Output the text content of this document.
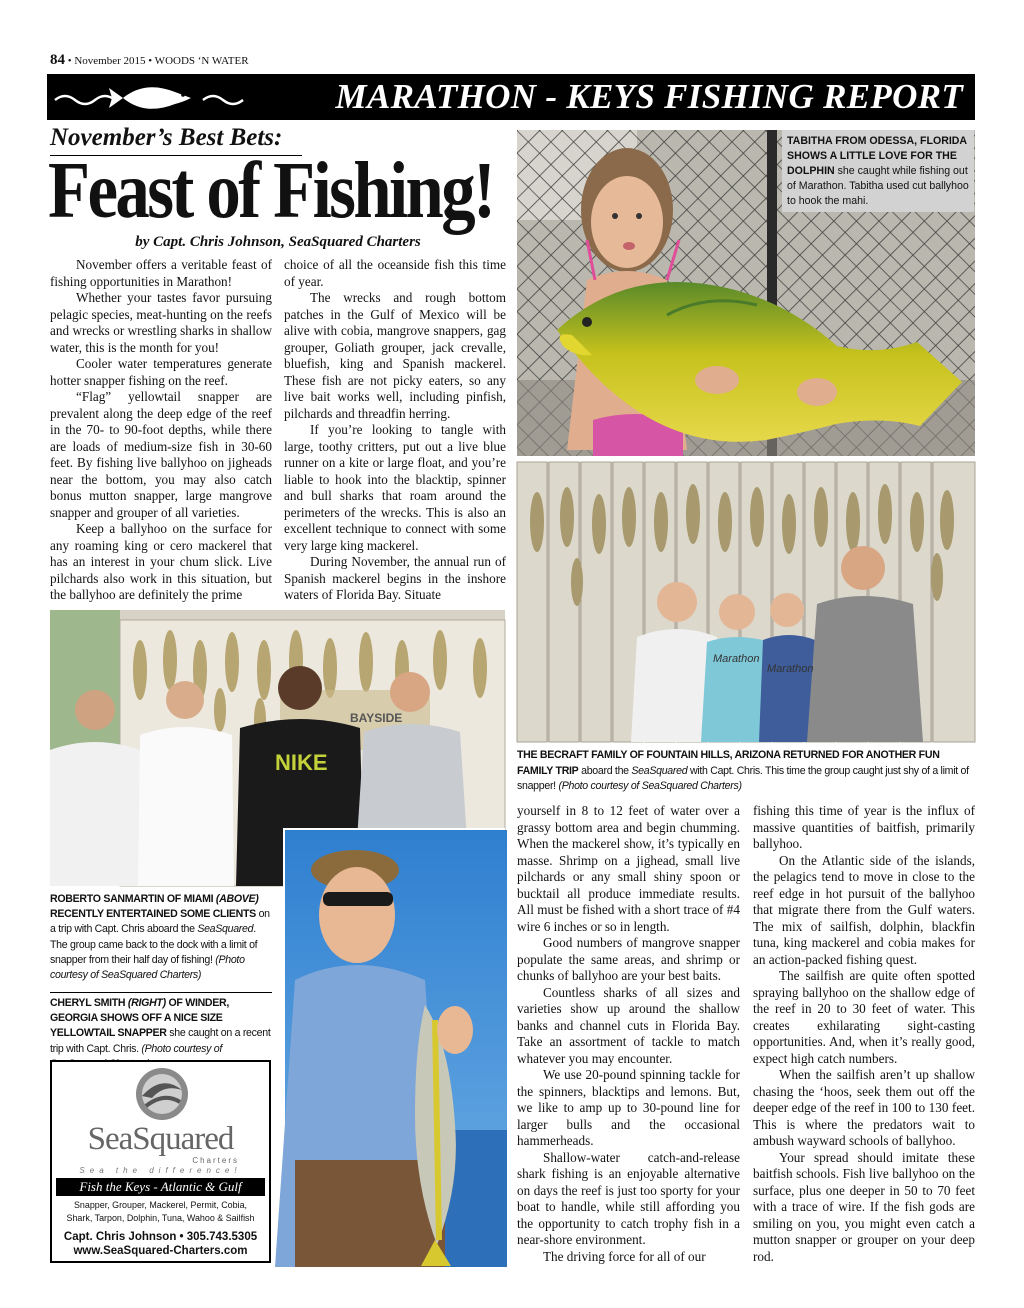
84 • November 2015 • WOODS ‘N WATER
MARATHON - KEYS FISHING REPORT
November’s Best Bets:
Feast of Fishing!
by Capt. Chris Johnson, SeaSquared Charters

November offers a veritable feast of fishing opportunities in Marathon!

Whether your tastes favor pursuing pelagic species, meat-hunting on the reefs and wrecks or wrestling sharks in shallow water, this is the month for you!

Cooler water temperatures generate hotter snapper fishing on the reef.

“Flag” yellowtail snapper are prevalent along the deep edge of the reef in the 70- to 90-foot depths, while there are loads of medium-size fish in 30-60 feet. By fishing live ballyhoo on jigheads near the bottom, you may also catch bonus mutton snapper, large mangrove snapper and grouper of all varieties.

Keep a ballyhoo on the surface for any roaming king or cero mackerel that has an interest in your chum slick. Live pilchards also work in this situation, but the ballyhoo are definitely the prime

choice of all the oceanside fish this time of year.

The wrecks and rough bottom patches in the Gulf of Mexico will be alive with cobia, mangrove snappers, gag grouper, Goliath grouper, jack crevalle, bluefish, king and Spanish mackerel. These fish are not picky eaters, so any live bait works well, including pinfish, pilchards and threadfin herring.

If you’re looking to tangle with large, toothy critters, put out a live blue runner on a kite or large float, and you’re liable to hook into the blacktip, spinner and bull sharks that roam around the perimeters of the wrecks. This is also an excellent technique to connect with some very large king mackerel.

During November, the annual run of Spanish mackerel begins in the inshore waters of Florida Bay. Situate

yourself in 8 to 12 feet of water over a grassy bottom area and begin chumming. When the mackerel show, it’s typically en masse. Shrimp on a jighead, small live pilchards or any small shiny spoon or bucktail all produce immediate results. All must be fished with a short trace of #4 wire 6 inches or so in length.

Good numbers of mangrove snapper populate the same areas, and shrimp or chunks of ballyhoo are your best baits.

Countless sharks of all sizes and varieties show up around the shallow banks and channel cuts in Florida Bay. Take an assortment of tackle to match whatever you may encounter.

We use 20-pound spinning tackle for the spinners, blacktips and lemons. But, we like to amp up to 30-pound line for larger bulls and the occasional hammerheads.

Shallow-water catch-and-release shark fishing is an enjoyable alternative on days the reef is just too sporty for your boat to handle, while still affording you the opportunity to catch trophy fish in a near-shore environment.

The driving force for all of our

fishing this time of year is the influx of massive quantities of baitfish, primarily ballyhoo.

On the Atlantic side of the islands, the pelagics tend to move in close to the reef edge in hot pursuit of the ballyhoo that migrate there from the Gulf waters. The mix of sailfish, dolphin, blackfin tuna, king mackerel and cobia makes for an action-packed fishing quest.

The sailfish are quite often spotted spraying ballyhoo on the shallow edge of the reef in 20 to 30 feet of water. This creates exhilarating sight-casting opportunities. And, when it’s really good, expect high catch numbers.

When the sailfish aren’t up shallow chasing the ‘hoos, seek them out off the deeper edge of the reef in 100 to 130 feet. This is where the predators wait to ambush wayward schools of ballyhoo.

Your spread should imitate these baitfish schools. Fish live ballyhoo on the surface, plus one deeper in 50 to 70 feet with a trace of wire. If the fish gods are smiling on you, you might even catch a mutton snapper or grouper on your deep rod.

TABITHA FROM ODESSA, FLORIDA SHOWS A LITTLE LOVE FOR THE DOLPHIN she caught while fishing out of Marathon. Tabitha used cut ballyhoo to hook the mahi.
Marathon
Marathon
THE BECRAFT FAMILY OF FOUNTAIN HILLS, ARIZONA RETURNED FOR ANOTHER FUN FAMILY TRIP aboard the SeaSquared with Capt. Chris. This time the group caught just shy of a limit of snapper! (Photo courtesy of SeaSquared Charters)
BAYSIDE
NIKE
ROBERTO SANMARTIN OF MIAMI (ABOVE) RECENTLY ENTERTAINED SOME CLIENTS on a trip with Capt. Chris aboard the SeaSquared. The group came back to the dock with a limit of snapper from their half day of fishing! (Photo courtesy of SeaSquared Charters)
CHERYL SMITH (RIGHT) OF WINDER, GEORGIA SHOWS OFF A NICE SIZE YELLOWTAIL SNAPPER she caught on a recent trip with Capt. Chris. (Photo courtesy of
SeaSquared
Charters
Sea the difference!
Fish the Keys - Atlantic & Gulf
Snapper, Grouper, Mackerel, Permit, Cobia, Shark, Tarpon, Dolphin, Tuna, Wahoo & Sailfish
Capt. Chris Johnson • 305.743.5305
www.SeaSquared-Charters.com
